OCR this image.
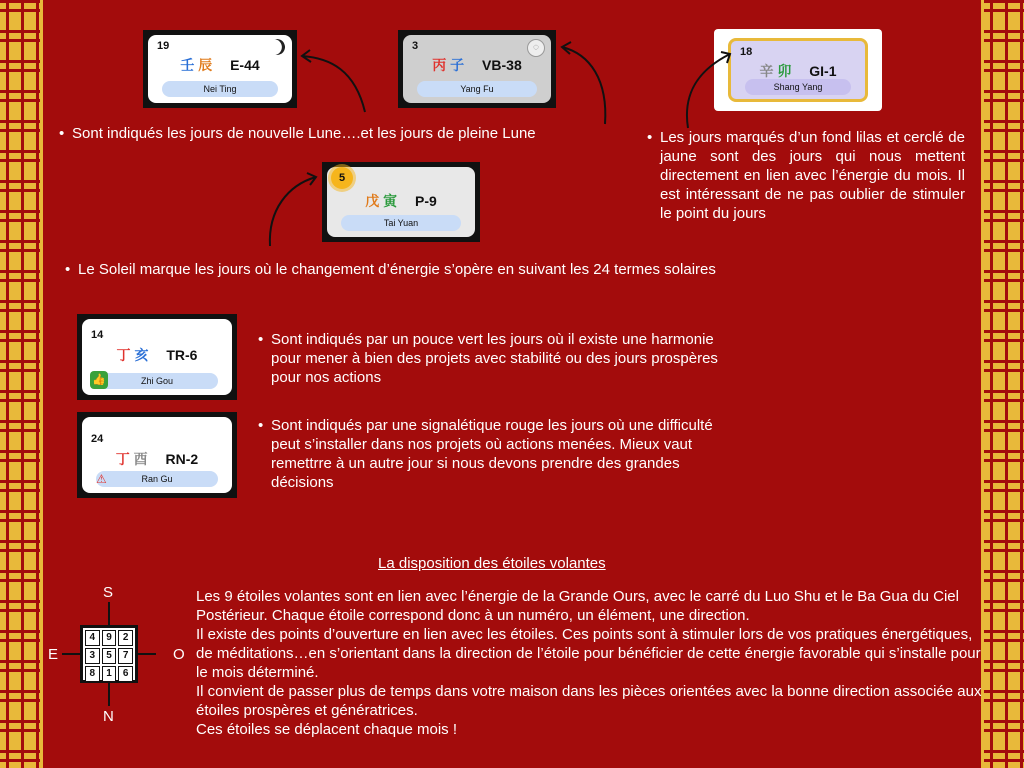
19
壬 辰 E-44
Nei Ting
3	◌
丙 子 VB-38
Yang Fu
18
辛 卯 GI-1
Shang Yang
5
戊 寅 P-9
Tai Yuan
14
丁 亥 TR-6
Zhi Gou
👍
24
丁 酉 RN-2
Ran Gu
⚠
• Sont indiqués les jours de nouvelle Lune….et les jours de pleine Lune
•	Les jours marqués d’un fond lilas et cerclé de jaune sont des jours qui nous mettent directement en lien avec l’énergie du mois. Il est intéressant de ne pas oublier de stimuler le point du jours
• Le Soleil marque les jours où le changement d’énergie s’opère en suivant les 24 termes solaires
• Sont indiqués par un pouce vert les jours où il existe une harmonie pour mener à bien des projets avec stabilité ou des jours prospères pour nos actions
• Sont indiqués par une signalétique rouge les jours où une difficulté peut s’installer dans nos projets où actions menées. Mieux vaut remettrre à un autre jour si nous devons prendre des grandes décisions
La disposition des étoiles volantes
Les 9 étoiles volantes sont en lien avec l’énergie de la Grande Ours, avec le carré du Luo Shu et le Ba Gua du Ciel Postérieur. Chaque étoile correspond donc à un numéro, un élément, une direction.
Il existe des points d’ouverture en lien avec les étoiles. Ces points sont à stimuler lors de vos pratiques énergétiques, de méditations…en s’orientant dans la direction de l’étoile pour bénéficier de cette énergie favorable qui s’installe pour le mois déterminé.
Il convient de passer plus de temps dans votre maison dans les pièces orientées avec la bonne direction associée aux étoiles prospères et génératrices.
Ces étoiles se déplacent chaque mois !
S
N
E	O
4	9	2
3	5	7
8	1	6
